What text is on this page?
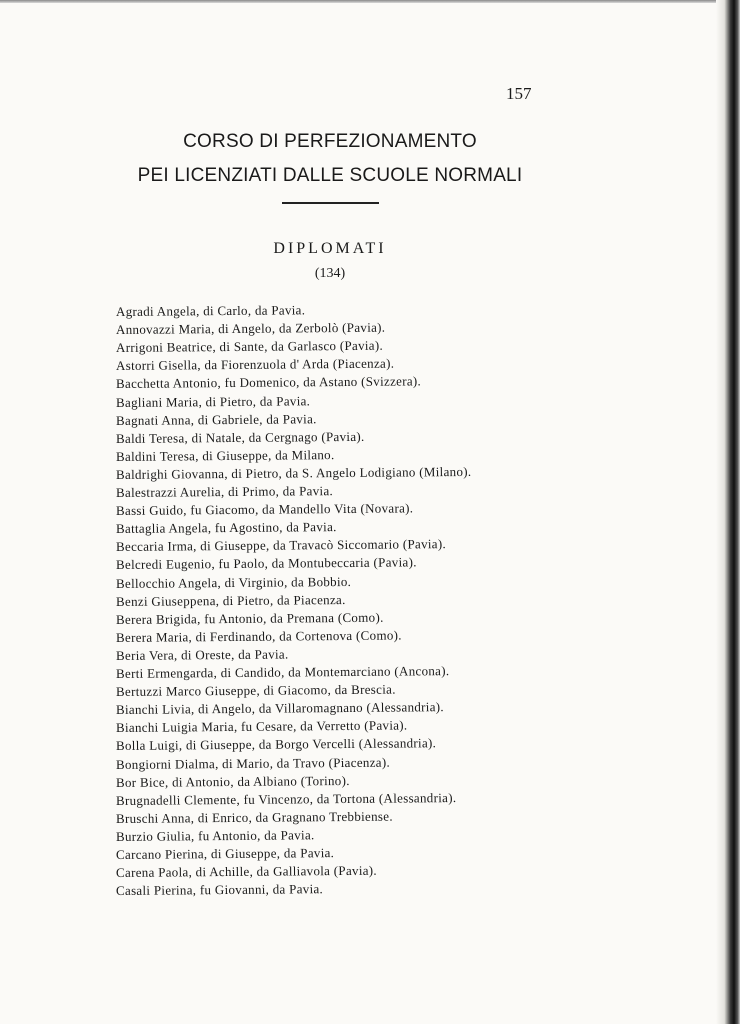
157
CORSO DI PERFEZIONAMENTO
PEI LICENZIATI DALLE SCUOLE NORMALI
DIPLOMATI
(134)
Agradi Angela, di Carlo, da Pavia.
Annovazzi Maria, di Angelo, da Zerbolò (Pavia).
Arrigoni Beatrice, di Sante, da Garlasco (Pavia).
Astorri Gisella, da Fiorenzuola d' Arda (Piacenza).
Bacchetta Antonio, fu Domenico, da Astano (Svizzera).
Bagliani Maria, di Pietro, da Pavia.
Bagnati Anna, di Gabriele, da Pavia.
Baldi Teresa, di Natale, da Cergnago (Pavia).
Baldini Teresa, di Giuseppe, da Milano.
Baldrighi Giovanna, di Pietro, da S. Angelo Lodigiano (Milano).
Balestrazzi Aurelia, di Primo, da Pavia.
Bassi Guido, fu Giacomo, da Mandello Vita (Novara).
Battaglia Angela, fu Agostino, da Pavia.
Beccaria Irma, di Giuseppe, da Travacò Siccomario (Pavia).
Belcredi Eugenio, fu Paolo, da Montubeccaria (Pavia).
Bellocchio Angela, di Virginio, da Bobbio.
Benzi Giuseppena, di Pietro, da Piacenza.
Berera Brigida, fu Antonio, da Premana (Como).
Berera Maria, di Ferdinando, da Cortenova (Como).
Beria Vera, di Oreste, da Pavia.
Berti Ermengarda, di Candido, da Montemarciano (Ancona).
Bertuzzi Marco Giuseppe, di Giacomo, da Brescia.
Bianchi Livia, di Angelo, da Villaromagnano (Alessandria).
Bianchi Luigia Maria, fu Cesare, da Verretto (Pavia).
Bolla Luigi, di Giuseppe, da Borgo Vercelli (Alessandria).
Bongiorni Dialma, di Mario, da Travo (Piacenza).
Bor Bice, di Antonio, da Albiano (Torino).
Brugnadelli Clemente, fu Vincenzo, da Tortona (Alessandria).
Bruschi Anna, di Enrico, da Gragnano Trebbiense.
Burzio Giulia, fu Antonio, da Pavia.
Carcano Pierina, di Giuseppe, da Pavia.
Carena Paola, di Achille, da Galliavola (Pavia).
Casali Pierina, fu Giovanni, da Pavia.
